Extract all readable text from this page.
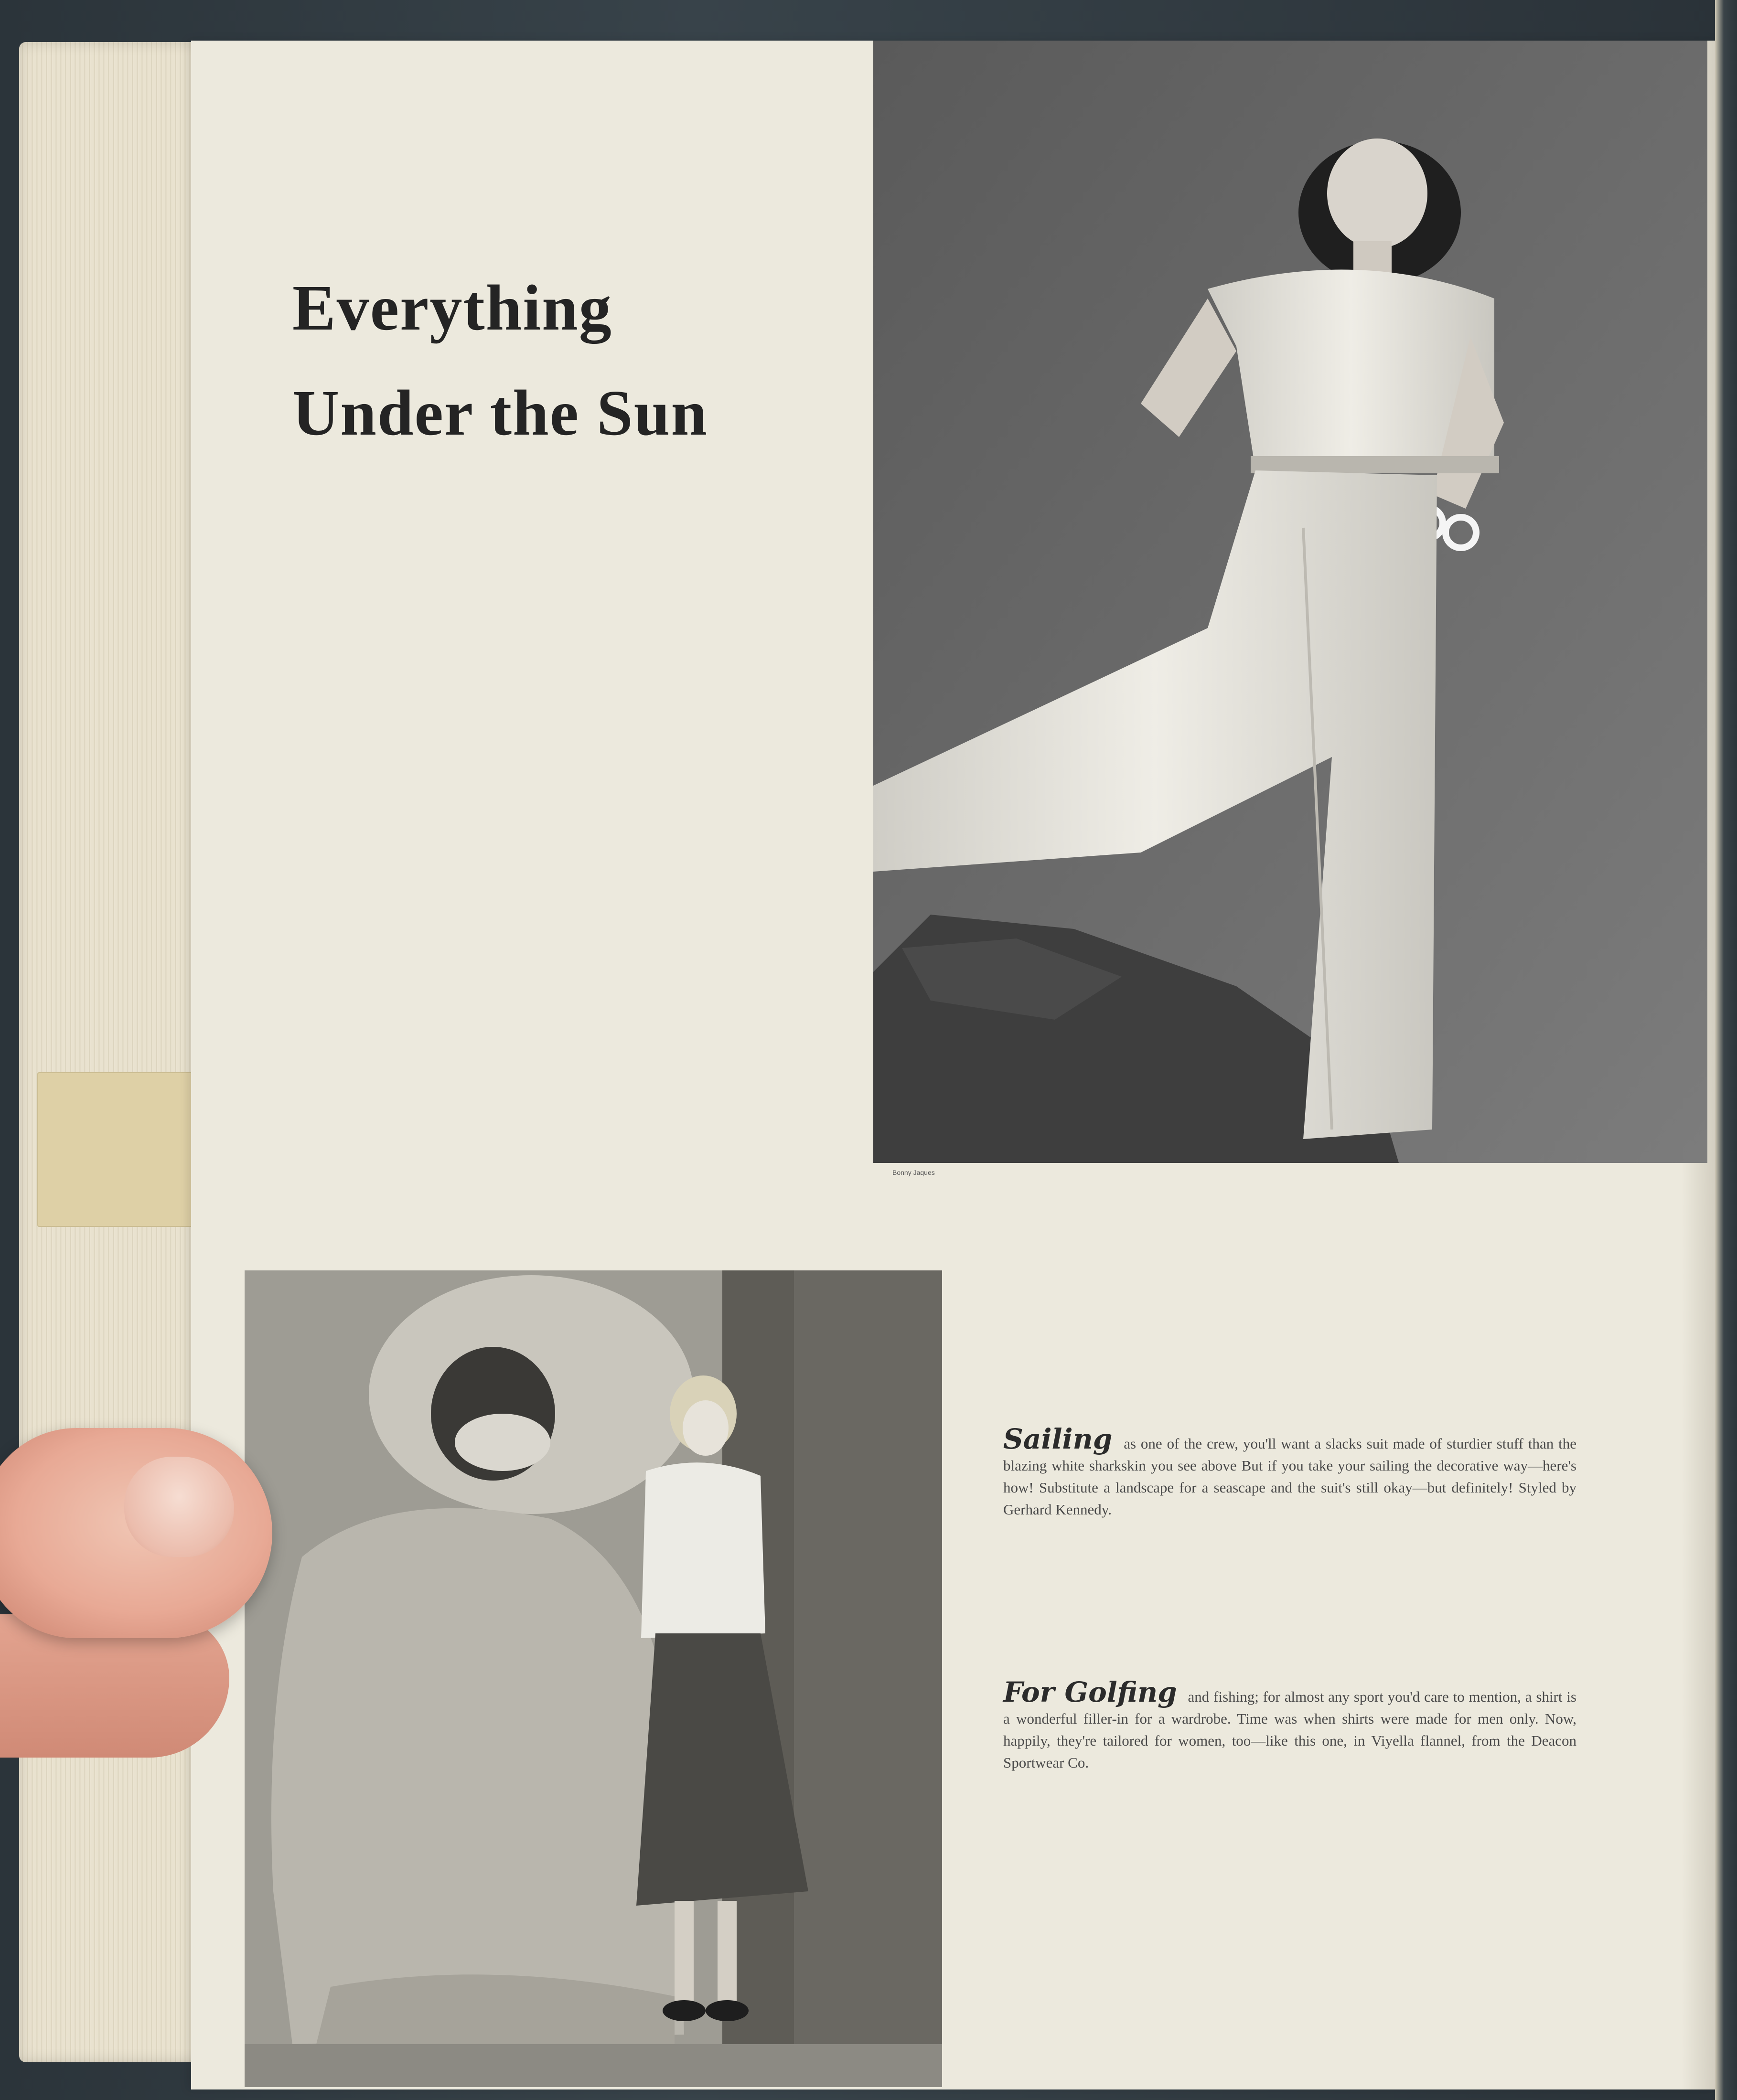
Everything
Under the Sun
Bonny Jaques
Sailing as one of the crew, you'll want a slacks suit made of sturdier stuff than the blazing white sharkskin you see above But if you take your sailing the decorative way—here's how! Substitute a landscape for a seascape and the suit's still okay—but definitely! Styled by Gerhard Kennedy.
For Golfing and fishing; for almost any sport you'd care to mention, a shirt is a wonderful filler-in for a wardrobe. Time was when shirts were made for men only. Now, happily, they're tailored for women, too—like this one, in Viyella flannel, from the Deacon Sportwear Co.
